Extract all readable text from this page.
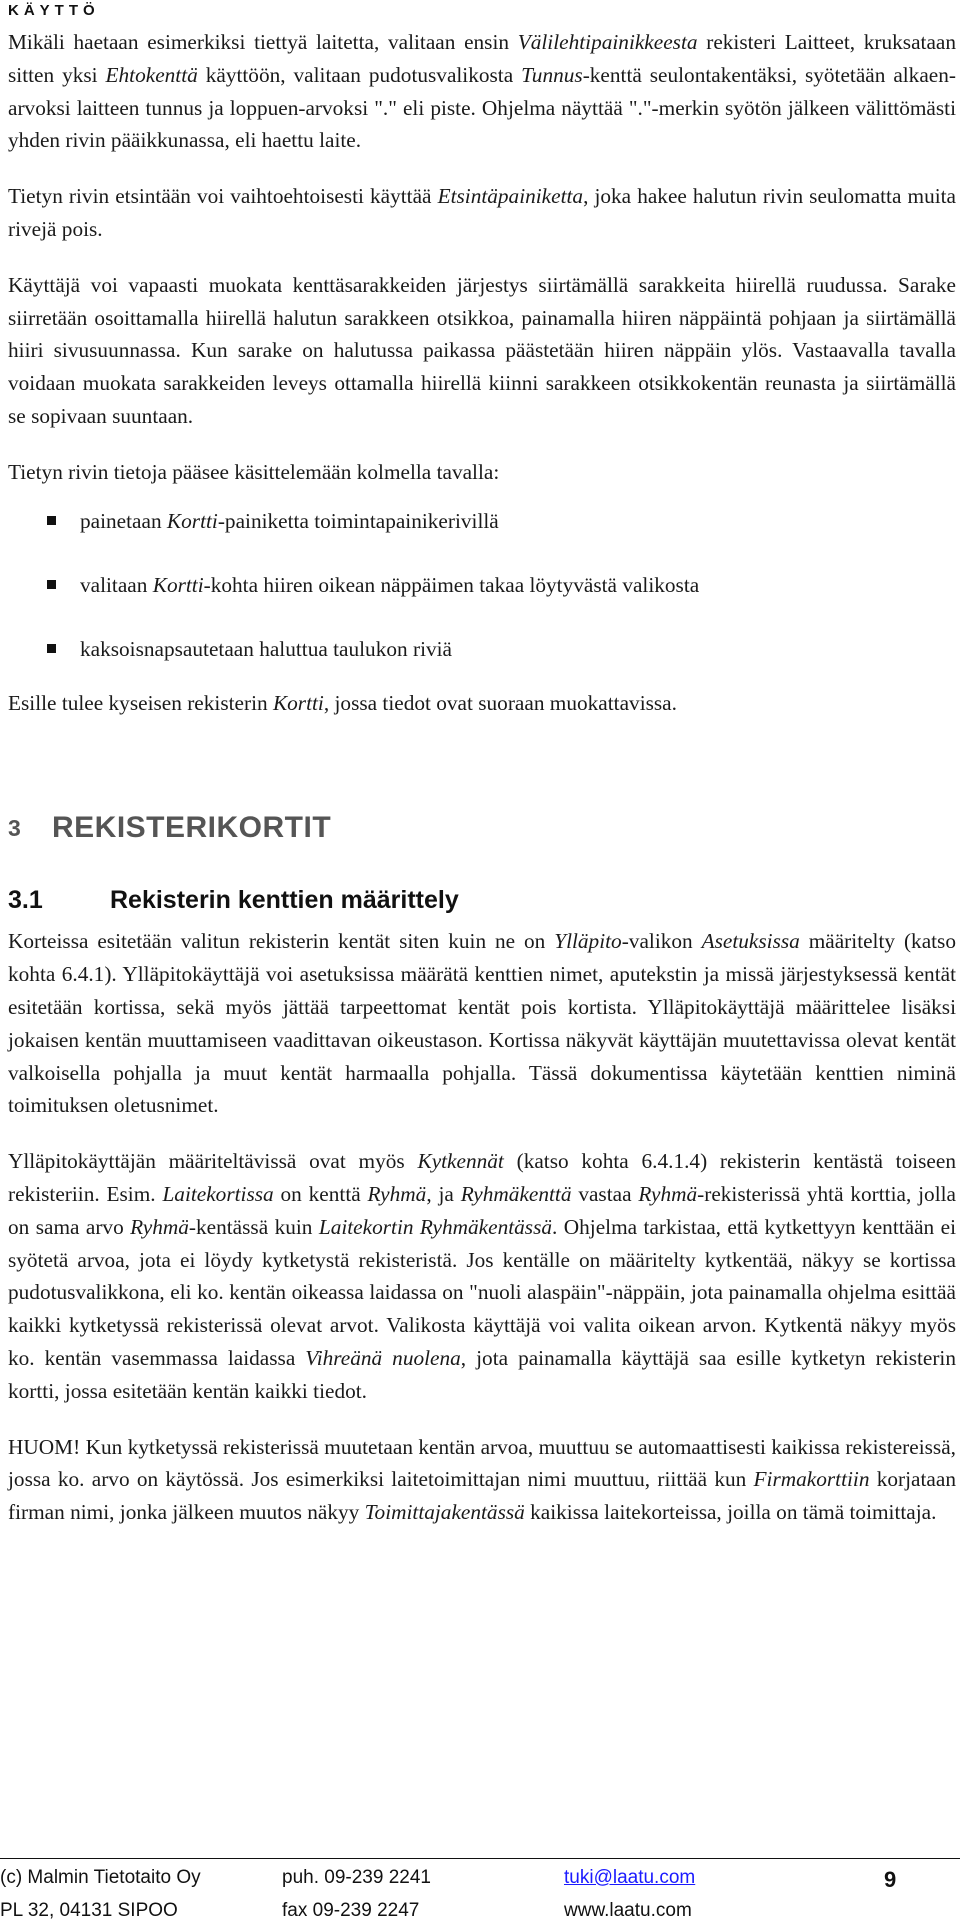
KÄYTTÖ

Mikäli haetaan esimerkiksi tiettyä laitetta, valitaan ensin Välilehtipainikkeesta rekisteri Laitteet, kruksataan sitten yksi Ehtokenttä käyttöön, valitaan pudotusvalikosta Tunnus-kenttä seulontakentäksi, syötetään alkaen-arvoksi laitteen tunnus ja loppuen-arvoksi "." eli piste. Ohjelma näyttää "."-merkin syötön jälkeen välittömästi yhden rivin pääikkunassa, eli haettu laite.

Tietyn rivin etsintään voi vaihtoehtoisesti käyttää Etsintäpainiketta, joka hakee halutun rivin seulomatta muita rivejä pois.

Käyttäjä voi vapaasti muokata kenttäsarakkeiden järjestys siirtämällä sarakkeita hiirellä ruudussa. Sarake siirretään osoittamalla hiirellä halutun sarakkeen otsikkoa, painamalla hiiren näppäintä pohjaan ja siirtämällä hiiri sivusuunnassa. Kun sarake on halutussa paikassa päästetään hiiren näppäin ylös. Vastaavalla tavalla voidaan muokata sarakkeiden leveys ottamalla hiirellä kiinni sarakkeen otsikkokentän reunasta ja siirtämällä se sopivaan suuntaan.

Tietyn rivin tietoja pääsee käsittelemään kolmella tavalla:

painetaan Kortti-painiketta toimintapainikerivillä
valitaan Kortti-kohta hiiren oikean näppäimen takaa löytyvästä valikosta
kaksoisnapsautetaan haluttua taulukon riviä

Esille tulee kyseisen rekisterin Kortti, jossa tiedot ovat suoraan muokattavissa.

3	REKISTERIKORTIT
3.1	Rekisterin kenttien määrittely

Korteissa esitetään valitun rekisterin kentät siten kuin ne on Ylläpito-valikon Asetuksissa määritelty (katso kohta 6.4.1). Ylläpitokäyttäjä voi asetuksissa määrätä kenttien nimet, aputekstin ja missä järjestyksessä kentät esitetään kortissa, sekä myös jättää tarpeettomat kentät pois kortista. Ylläpitokäyttäjä määrittelee lisäksi jokaisen kentän muuttamiseen vaadittavan oikeustason. Kortissa näkyvät käyttäjän muutettavissa olevat kentät valkoisella pohjalla ja muut kentät harmaalla pohjalla. Tässä dokumentissa käytetään kenttien niminä toimituksen oletusnimet.

Ylläpitokäyttäjän määriteltävissä ovat myös Kytkennät (katso kohta 6.4.1.4) rekisterin kentästä toiseen rekisteriin. Esim. Laitekortissa on kenttä Ryhmä, ja Ryhmäkenttä vastaa Ryhmä-rekisterissä yhtä korttia, jolla on sama arvo Ryhmä-kentässä kuin Laitekortin Ryhmäkentässä. Ohjelma tarkistaa, että kytkettyyn kenttään ei syötetä arvoa, jota ei löydy kytketystä rekisteristä. Jos kentälle on määritelty kytkentää, näkyy se kortissa pudotusvalikkona, eli ko. kentän oikeassa laidassa on "nuoli alaspäin"-näppäin, jota painamalla ohjelma esittää kaikki kytketyssä rekisterissä olevat arvot. Valikosta käyttäjä voi valita oikean arvon. Kytkentä näkyy myös ko. kentän vasemmassa laidassa Vihreänä nuolena, jota painamalla käyttäjä saa esille kytketyn rekisterin kortti, jossa esitetään kentän kaikki tiedot.

HUOM! Kun kytketyssä rekisterissä muutetaan kentän arvoa, muuttuu se automaattisesti kaikissa rekistereissä, jossa ko. arvo on käytössä. Jos esimerkiksi laitetoimittajan nimi muuttuu, riittää kun Firmakorttiin korjataan firman nimi, jonka jälkeen muutos näkyy Toimittajakentässä kaikissa laitekorteissa, joilla on tämä toimittaja.

(c) Malmin Tietotaito Oy	puh. 09-239 2241	tuki@laatu.com	9
PL 32, 04131 SIPOO	fax 09-239 2247	www.laatu.com
